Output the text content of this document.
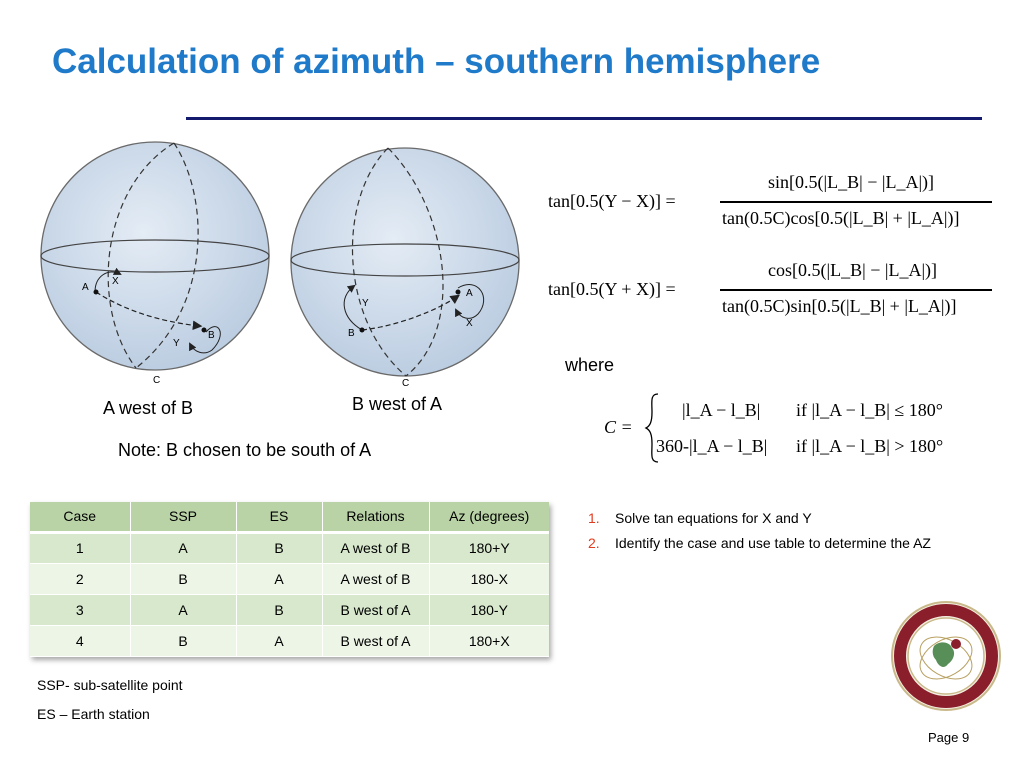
Calculation of azimuth – southern hemisphere
A
X
B
Y
C
A west of B
A
X
B
Y
C
B west of A
Note: B chosen to be south of A
tan[0.5(Y − X)] =
sin[0.5(|L_B| − |L_A|)]
tan(0.5C)cos[0.5(|L_B| + |L_A|)]
tan[0.5(Y + X)] =
cos[0.5(|L_B| − |L_A|)]
tan(0.5C)sin[0.5(|L_B| + |L_A|)]
where
C =
|l_A − l_B| if |l_A − l_B| ≤ 180°
360-|l_A − l_B| if |l_A − l_B| > 180°
Case	SSP	ES	Relations	Az (degrees)
1	A	B	A west of B	180+Y
2	B	A	A west of B	180-X
3	A	B	B west of A	180-Y
4	B	A	B west of A	180+X
1.	Solve tan equations for X and Y
2.	Identify the case and use table to determine the AZ
SSP- sub-satellite point
ES – Earth station
Page 9
